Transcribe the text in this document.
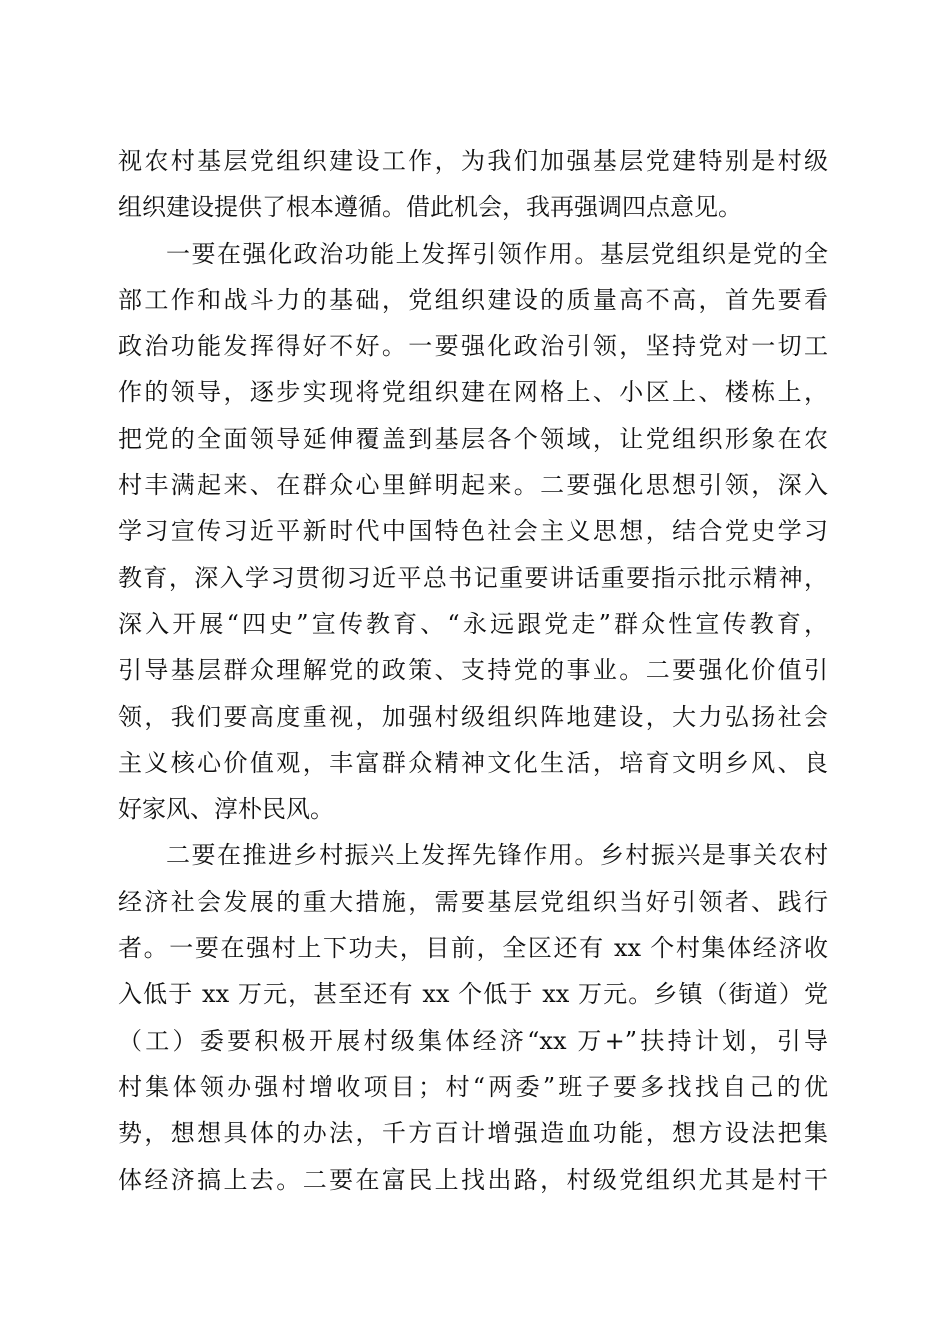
视农村基层党组织建设工作，为我们加强基层党建特别是村级
组织建设提供了根本遵循。借此机会，我再强调四点意见。
一要在强化政治功能上发挥引领作用。基层党组织是党的全
部工作和战斗力的基础，党组织建设的质量高不高，首先要看
政治功能发挥得好不好。一要强化政治引领，坚持党对一切工
作的领导，逐步实现将党组织建在网格上、小区上、楼栋上，
把党的全面领导延伸覆盖到基层各个领域，让党组织形象在农
村丰满起来、在群众心里鲜明起来。二要强化思想引领，深入
学习宣传习近平新时代中国特色社会主义思想，结合党史学习
教育，深入学习贯彻习近平总书记重要讲话重要指示批示精神，
深入开展“四史”宣传教育、“永远跟党走”群众性宣传教育，
引导基层群众理解党的政策、支持党的事业。二要强化价值引
领，我们要高度重视，加强村级组织阵地建设，大力弘扬社会
主义核心价值观，丰富群众精神文化生活，培育文明乡风、良
好家风、淳朴民风。
二要在推进乡村振兴上发挥先锋作用。乡村振兴是事关农村
经济社会发展的重大措施，需要基层党组织当好引领者、践行
者。一要在强村上下功夫，目前，全区还有 xx 个村集体经济收
入低于 xx 万元，甚至还有 xx 个低于 xx 万元。乡镇（街道）党
（工）委要积极开展村级集体经济“xx 万+”扶持计划，引导
村集体领办强村增收项目；村“两委”班子要多找找自己的优
势，想想具体的办法，千方百计增强造血功能，想方设法把集
体经济搞上去。二要在富民上找出路，村级党组织尤其是村干
